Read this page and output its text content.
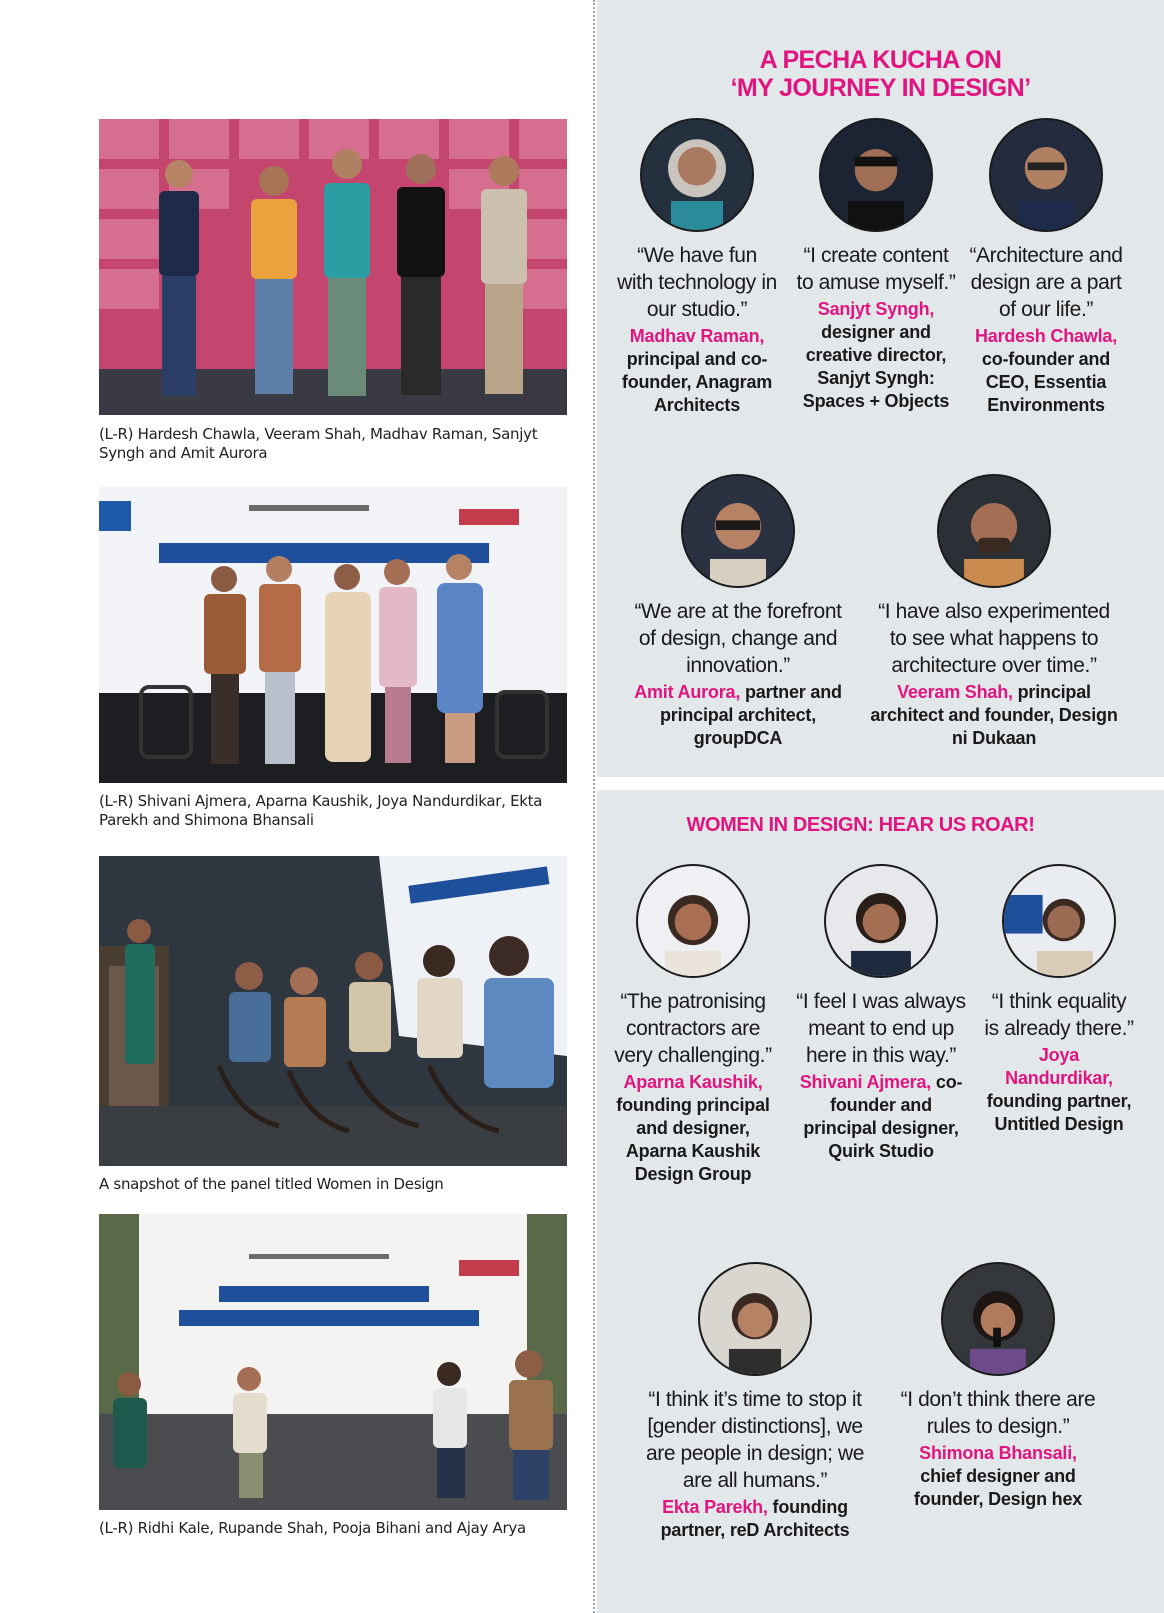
(L-R) Hardesh Chawla, Veeram Shah, Madhav Raman, Sanjyt Syngh and Amit Aurora
(L-R) Shivani Ajmera, Aparna Kaushik, Joya Nandurdikar, Ekta Parekh and Shimona Bhansali
A snapshot of the panel titled Women in Design
(L-R) Ridhi Kale, Rupande Shah, Pooja Bihani and Ajay Arya
A PECHA KUCHA ON
‘MY JOURNEY IN DESIGN’
“We have fun with technology in our studio.”
Madhav Raman, principal and co-founder, Anagram Architects
“I create content to amuse myself.”
Sanjyt Syngh, designer and creative director, Sanjyt Syngh: Spaces + Objects
“Architecture and design are a part of our life.”
Hardesh Chawla, co-founder and CEO, Essentia Environments
“We are at the forefront of design, change and innovation.”
Amit Aurora, partner and principal architect, groupDCA
“I have also experimented to see what happens to architecture over time.”
Veeram Shah, principal architect and founder, Design ni Dukaan
WOMEN IN DESIGN: HEAR US ROAR!
“The patronising contractors are very challenging.”
Aparna Kaushik, founding principal and designer, Aparna Kaushik Design Group
“I feel I was always meant to end up here in this way.”
Shivani Ajmera, co-founder and principal designer, Quirk Studio
“I think equality is already there.”
Joya Nandurdikar, founding partner, Untitled Design
“I think it’s time to stop it [gender distinctions], we are people in design; we are all humans.”
Ekta Parekh, founding partner, reD Architects
“I don’t think there are rules to design.”
Shimona Bhansali, chief designer and founder, Design hex
